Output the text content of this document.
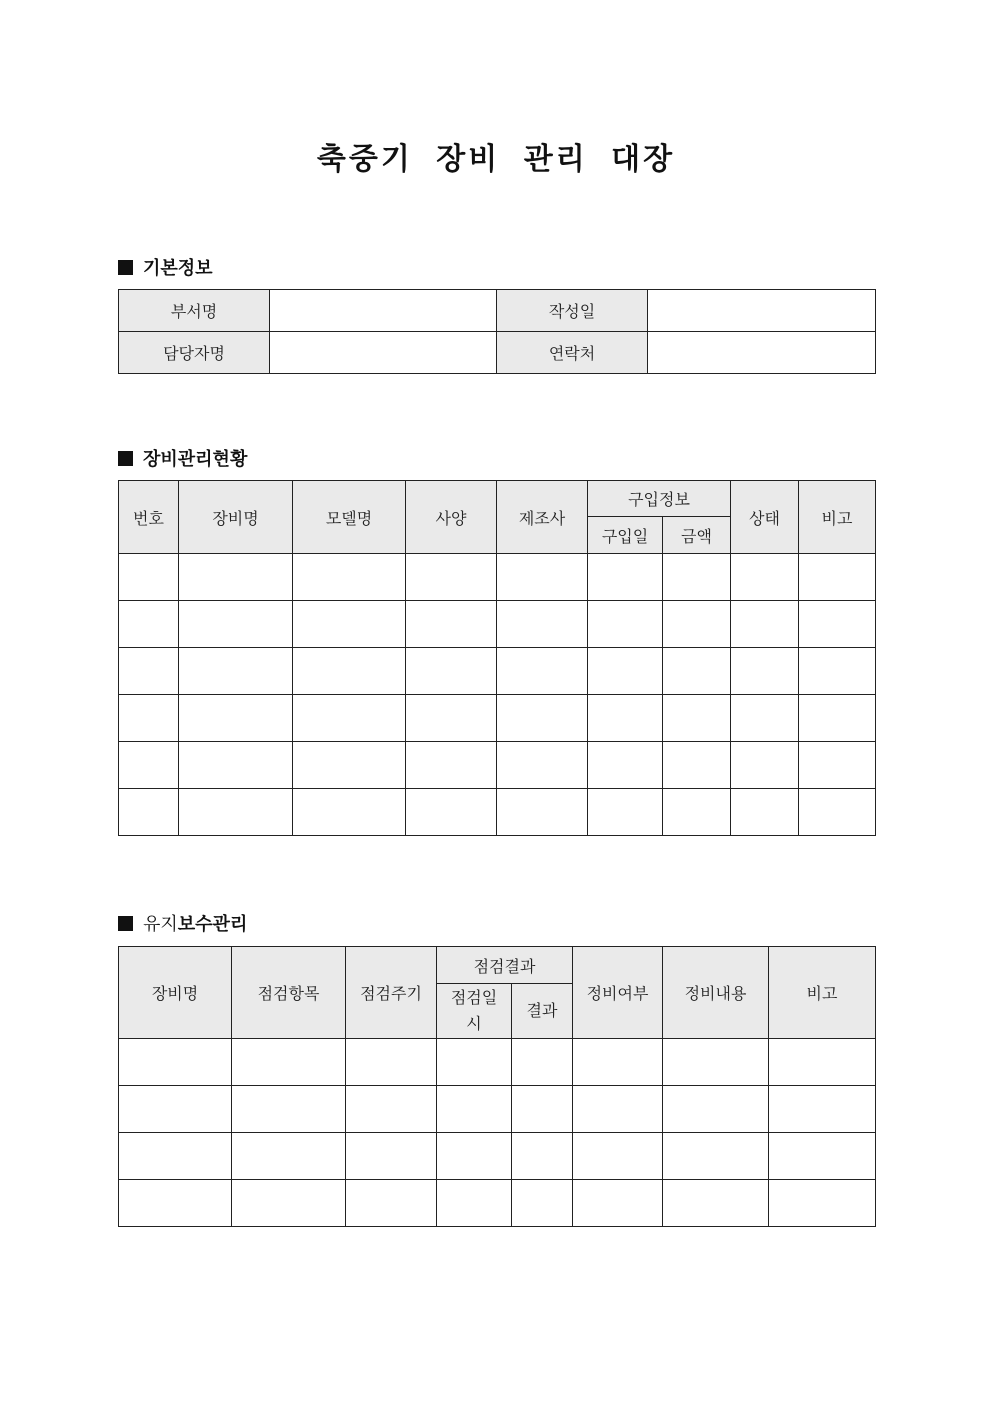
축중기 장비 관리 대장
기본정보
부서명		작성일	
담당자명		연락처	
장비관리현황
번호	장비명	모델명	사양	제조사	구입정보		상태	비고
					구입일	금액		

유지보수관리
장비명	점검항목	점검주기	점검결과		정비여부	정비내용	비고
			점검일시	결과			
